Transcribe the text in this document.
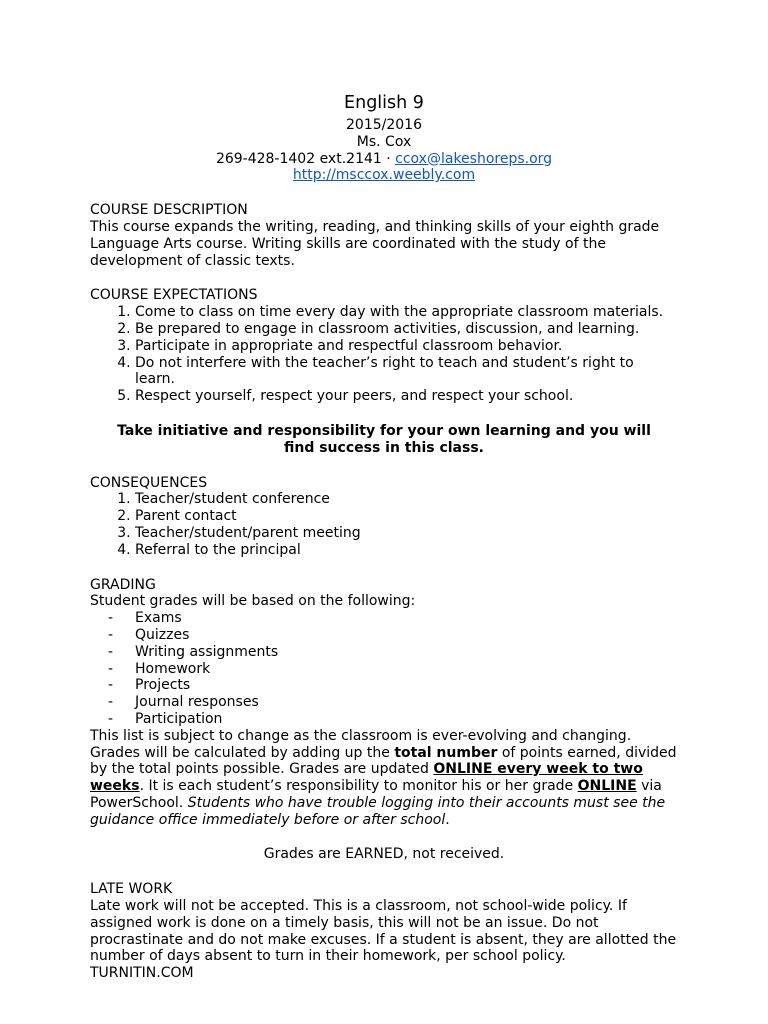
English 9
2015/2016
Ms. Cox
269-428-1402 ext.2141 · ccox@lakeshoreps.org
http://msccox.weebly.com
COURSE DESCRIPTION

This course expands the writing, reading, and thinking skills of your eighth grade Language Arts course. Writing skills are coordinated with the study of the development of classic texts.

COURSE EXPECTATIONS
1. Come to class on time every day with the appropriate classroom materials.
2. Be prepared to engage in classroom activities, discussion, and learning.
3. Participate in appropriate and respectful classroom behavior.
4. Do not interfere with the teacher’s right to teach and student’s right to learn.
5. Respect yourself, respect your peers, and respect your school.
Take initiative and responsibility for your own learning and you will find success in this class.
CONSEQUENCES
1. Teacher/student conference
2. Parent contact
3. Teacher/student/parent meeting
4. Referral to the principal
GRADING
Student grades will be based on the following:
-	Exams
-	Quizzes
-	Writing assignments
-	Homework
-	Projects
-	Journal responses
-	Participation

This list is subject to change as the classroom is ever-evolving and changing. Grades will be calculated by adding up the total number of points earned, divided by the total points possible. Grades are updated ONLINE every week to two weeks. It is each student’s responsibility to monitor his or her grade ONLINE via PowerSchool. Students who have trouble logging into their accounts must see the guidance office immediately before or after school.

Grades are EARNED, not received.
LATE WORK

Late work will not be accepted. This is a classroom, not school-wide policy. If assigned work is done on a timely basis, this will not be an issue. Do not procrastinate and do not make excuses. If a student is absent, they are allotted the number of days absent to turn in their homework, per school policy.

TURNITIN.COM
